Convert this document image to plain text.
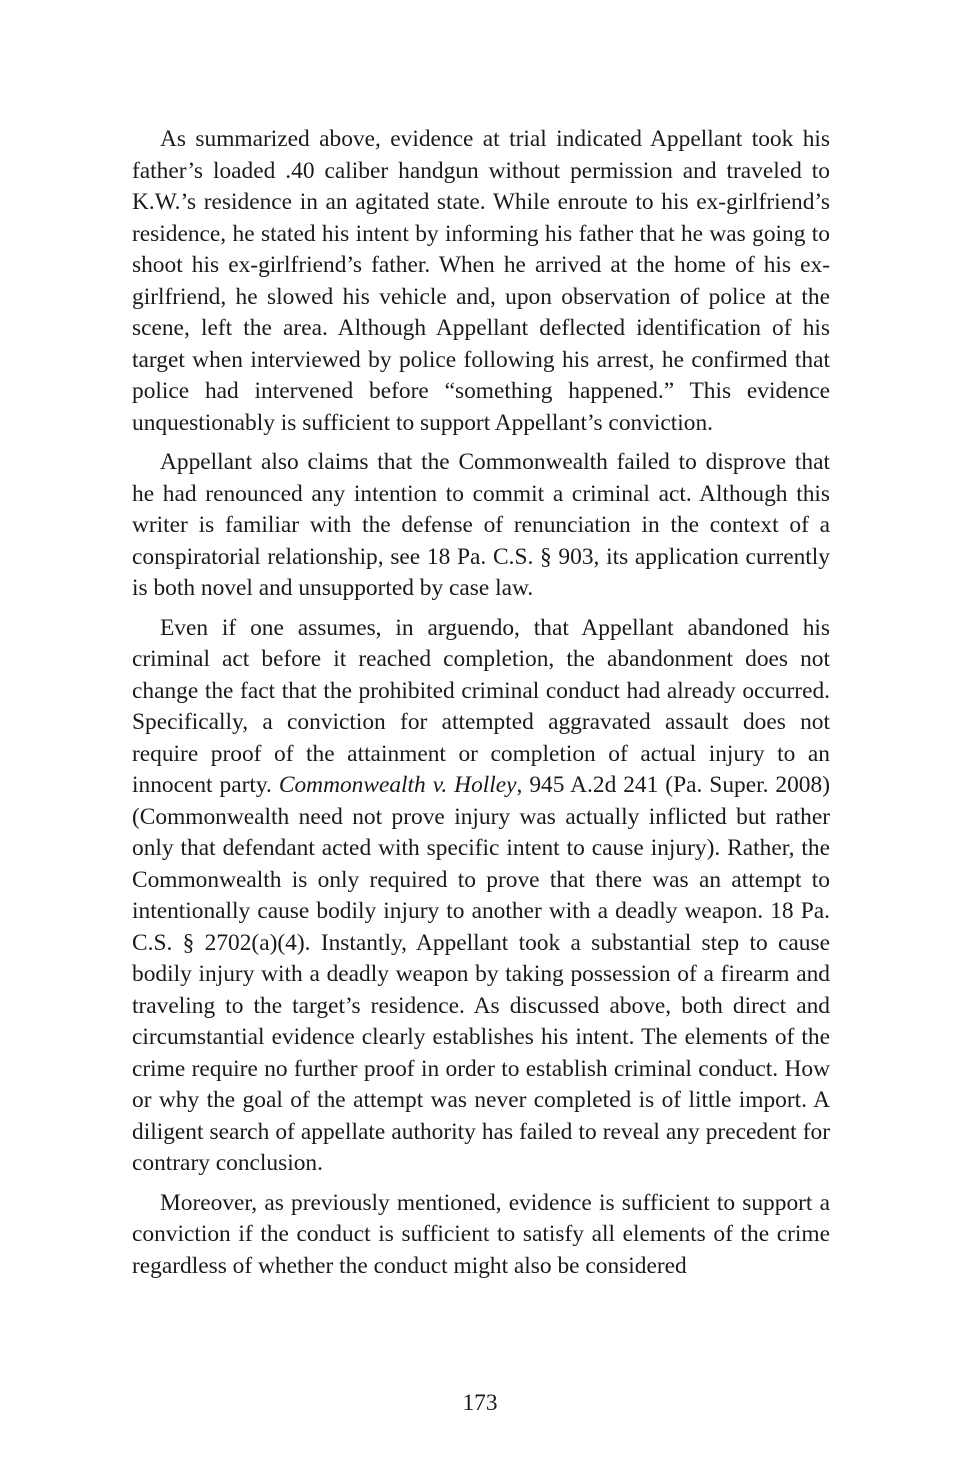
As summarized above, evidence at trial indicated Appellant took his father’s loaded .40 caliber handgun without permission and traveled to K.W.’s residence in an agitated state. While enroute to his ex-girlfriend’s residence, he stated his intent by informing his father that he was going to shoot his ex-girlfriend’s father. When he arrived at the home of his ex-girlfriend, he slowed his vehicle and, upon observation of police at the scene, left the area. Although Appellant deflected identification of his target when interviewed by police following his arrest, he confirmed that police had intervened before “something happened.” This evidence unquestionably is sufficient to support Appellant’s conviction.

Appellant also claims that the Commonwealth failed to disprove that he had renounced any intention to commit a criminal act. Although this writer is familiar with the defense of renunciation in the context of a conspiratorial relationship, see 18 Pa. C.S. § 903, its application currently is both novel and unsupported by case law.

Even if one assumes, in arguendo, that Appellant abandoned his criminal act before it reached completion, the abandonment does not change the fact that the prohibited criminal conduct had already occurred. Specifically, a conviction for attempted aggravated assault does not require proof of the attainment or completion of actual injury to an innocent party. Commonwealth v. Holley, 945 A.2d 241 (Pa. Super. 2008) (Commonwealth need not prove injury was actually inflicted but rather only that defendant acted with specific intent to cause injury). Rather, the Commonwealth is only required to prove that there was an attempt to intentionally cause bodily injury to another with a deadly weapon. 18 Pa. C.S. § 2702(a)(4). Instantly, Appellant took a substantial step to cause bodily injury with a deadly weapon by taking possession of a firearm and traveling to the target’s residence. As discussed above, both direct and circumstantial evidence clearly establishes his intent. The elements of the crime require no further proof in order to establish criminal conduct. How or why the goal of the attempt was never completed is of little import. A diligent search of appellate authority has failed to reveal any precedent for contrary conclusion.

Moreover, as previously mentioned, evidence is sufficient to support a conviction if the conduct is sufficient to satisfy all elements of the crime regardless of whether the conduct might also be considered

173
